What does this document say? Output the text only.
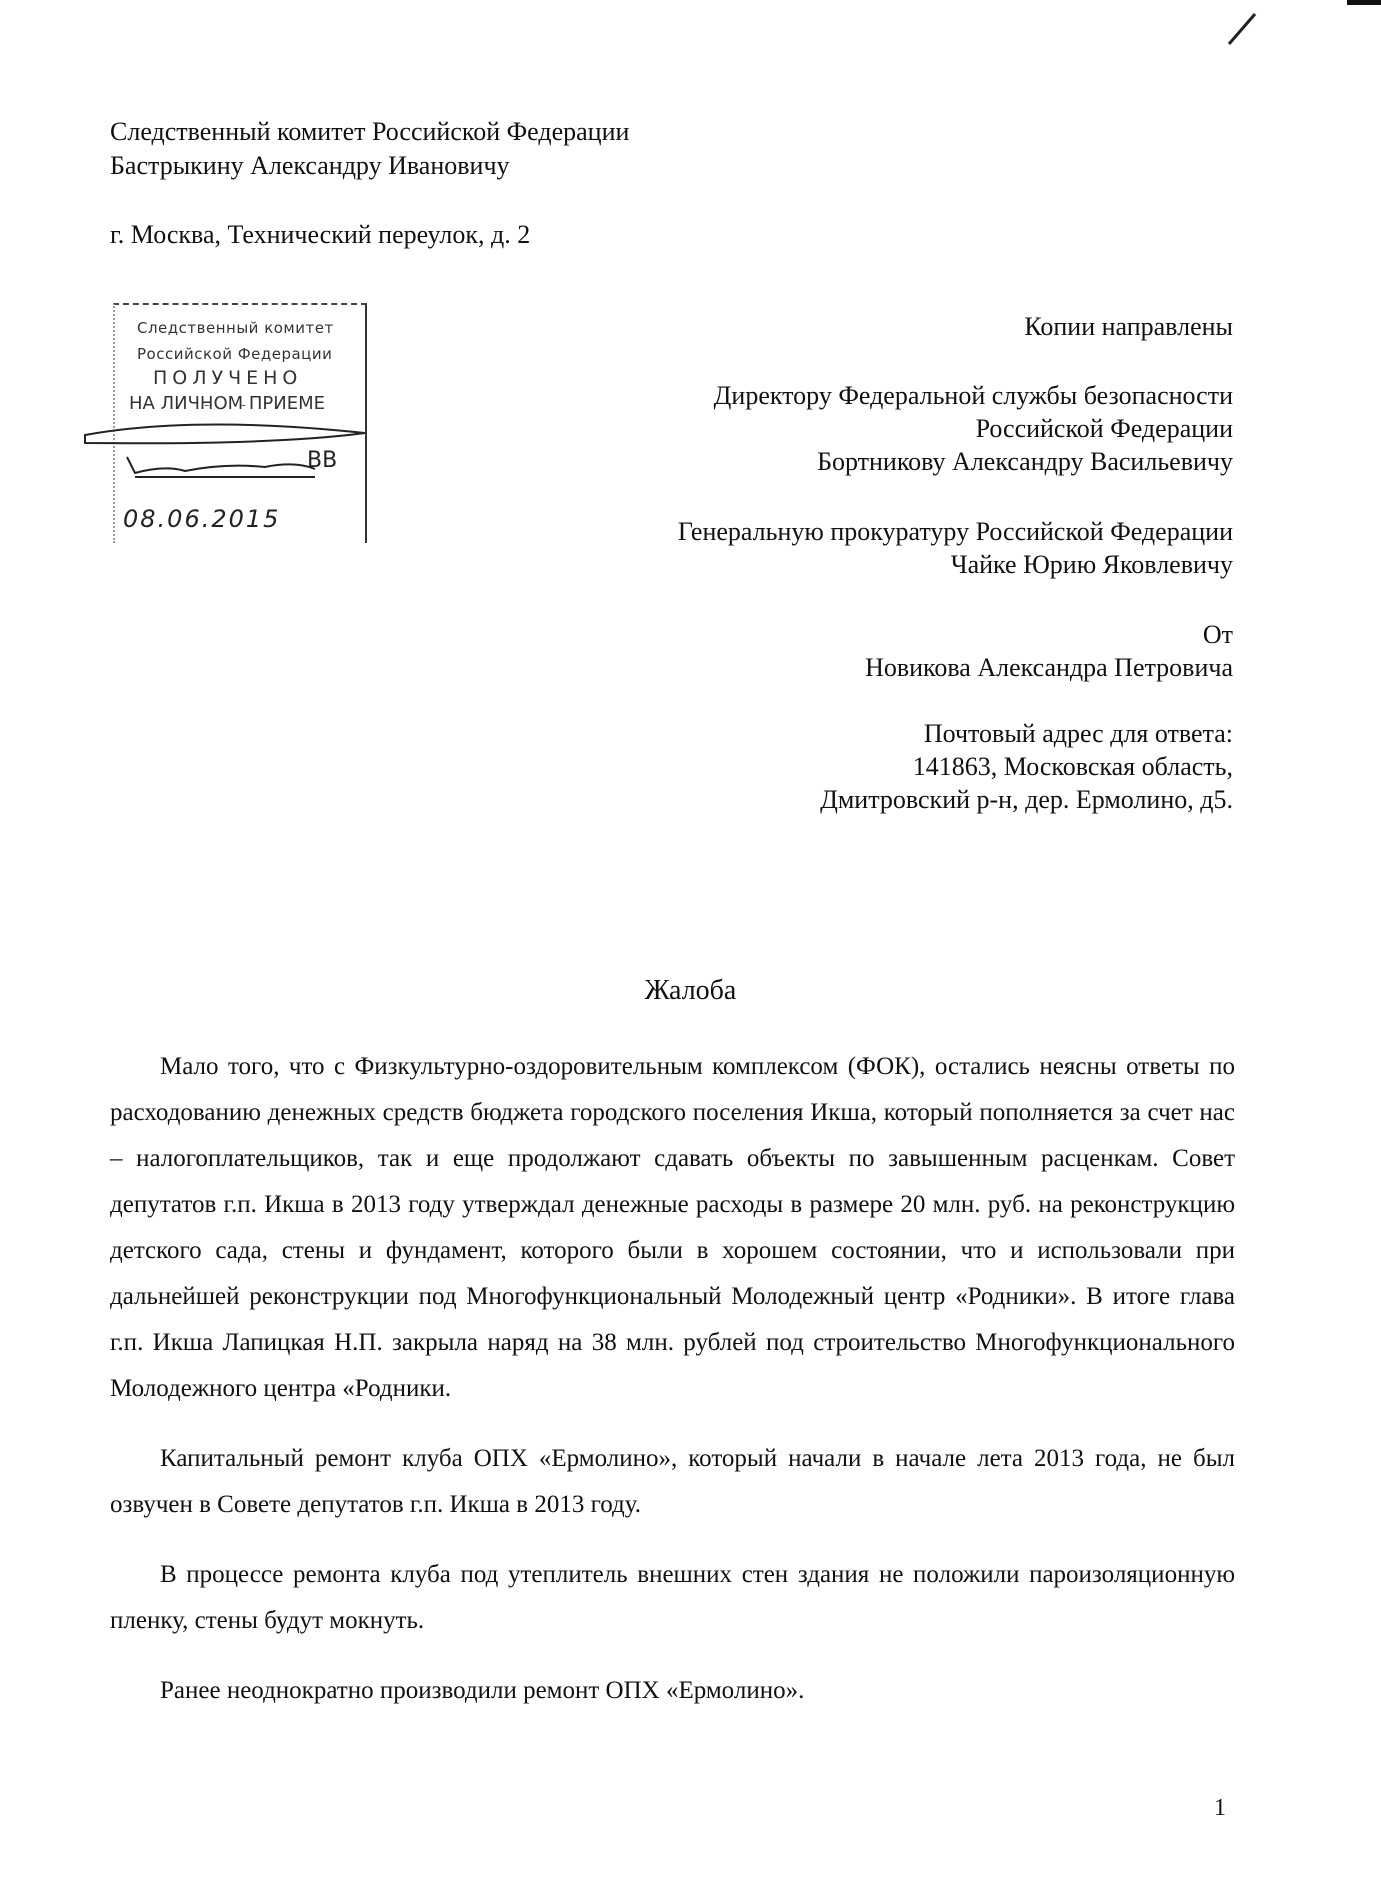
Следственный комитет Российской Федерации
Бастрыкину Александру Ивановичу
г. Москва, Технический переулок, д. 2
Следственный комитет
Российской Федерации
ПОЛУЧЕНО
НА ЛИЧНОМ ПРИЕМЕ
ВВ
08.06.2015
Копии направлены
Директору Федеральной службы безопасности
Российской Федерации
Бортникову Александру Васильевичу
Генеральную прокуратуру Российской Федерации
Чайке Юрию Яковлевичу
От
Новикова Александра Петровича
Почтовый адрес для ответа:
141863, Московская область,
Дмитровский р-н, дер. Ермолино, д5.
Жалоба

Мало того, что с Физкультурно-оздоровительным комплексом (ФОК), остались неясны ответы по расходованию денежных средств бюджета городского поселения Икша, который пополняется за счет нас – налогоплательщиков, так и еще продолжают сдавать объекты по завышенным расценкам. Совет депутатов г.п. Икша в 2013 году утверждал денежные расходы в размере 20 млн. руб. на реконструкцию детского сада, стены и фундамент, которого были в хорошем состоянии, что и использовали при дальнейшей реконструкции под Многофункциональный Молодежный центр «Родники». В итоге глава г.п. Икша Лапицкая Н.П. закрыла наряд на 38 млн. рублей под строительство Многофункционального Молодежного центра «Родники.

Капитальный ремонт клуба ОПХ «Ермолино», который начали в начале лета 2013 года, не был озвучен в Совете депутатов г.п. Икша в 2013 году.

В процессе ремонта клуба под утеплитель внешних стен здания не положили пароизоляционную пленку, стены будут мокнуть.

Ранее неоднократно производили ремонт ОПХ «Ермолино».

1
